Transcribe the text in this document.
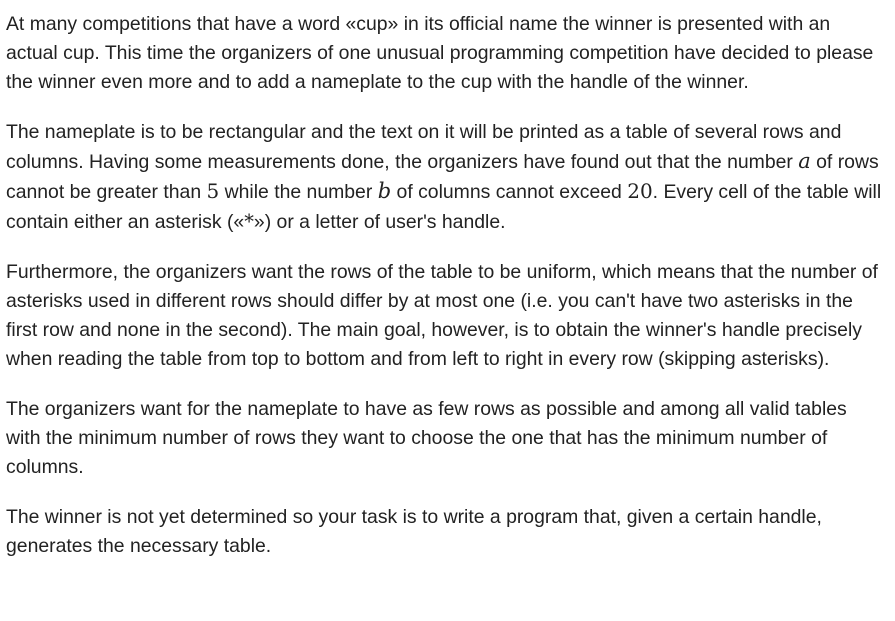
At many competitions that have a word «cup» in its official name the winner is presented with an actual cup. This time the organizers of one unusual programming competition have decided to please the winner even more and to add a nameplate to the cup with the handle of the winner.

The nameplate is to be rectangular and the text on it will be printed as a table of several rows and columns. Having some measurements done, the organizers have found out that the number a of rows cannot be greater than 5 while the number b of columns cannot exceed 20. Every cell of the table will contain either an asterisk («*») or a letter of user's handle.

Furthermore, the organizers want the rows of the table to be uniform, which means that the number of asterisks used in different rows should differ by at most one (i.e. you can't have two asterisks in the first row and none in the second). The main goal, however, is to obtain the winner's handle precisely when reading the table from top to bottom and from left to right in every row (skipping asterisks).

The organizers want for the nameplate to have as few rows as possible and among all valid tables with the minimum number of rows they want to choose the one that has the minimum number of columns.

The winner is not yet determined so your task is to write a program that, given a certain handle, generates the necessary table.
